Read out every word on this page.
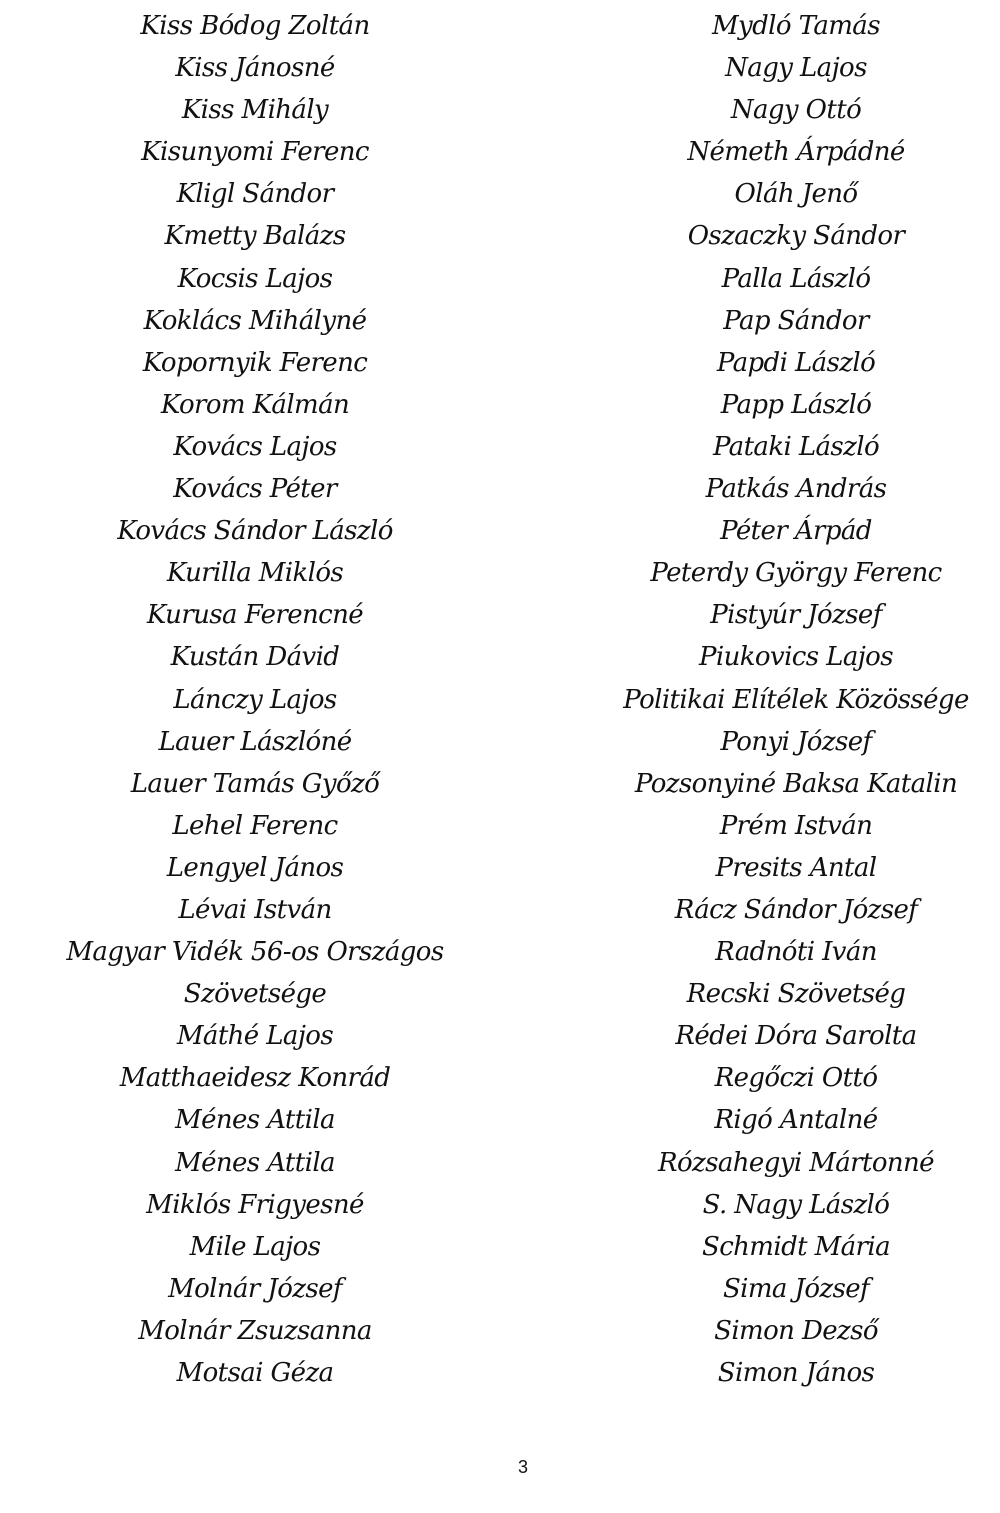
Kiss Bódog Zoltán
Kiss Jánosné
Kiss Mihály
Kisunyomi Ferenc
Kligl Sándor
Kmetty Balázs
Kocsis Lajos
Koklács Mihályné
Kopornyik Ferenc
Korom Kálmán
Kovács Lajos
Kovács Péter
Kovács Sándor László
Kurilla Miklós
Kurusa Ferencné
Kustán Dávid
Lánczy Lajos
Lauer Lászlóné
Lauer Tamás Győző
Lehel Ferenc
Lengyel János
Lévai István
Magyar Vidék 56-os Országos
Szövetsége
Máthé Lajos
Matthaeidesz Konrád
Ménes Attila
Ménes Attila
Miklós Frigyesné
Mile Lajos
Molnár József
Molnár Zsuzsanna
Motsai Géza
Mydló Tamás
Nagy Lajos
Nagy Ottó
Németh Árpádné
Oláh Jenő
Oszaczky Sándor
Palla László
Pap Sándor
Papdi László
Papp László
Pataki László
Patkás András
Péter Árpád
Peterdy György Ferenc
Pistyúr József
Piukovics Lajos
Politikai Elítélek Közössége
Ponyi József
Pozsonyiné Baksa Katalin
Prém István
Presits Antal
Rácz Sándor József
Radnóti Iván
Recski Szövetség
Rédei Dóra Sarolta
Regőczi Ottó
Rigó Antalné
Rózsahegyi Mártonné
S. Nagy László
Schmidt Mária
Sima József
Simon Dezső
Simon János
3
